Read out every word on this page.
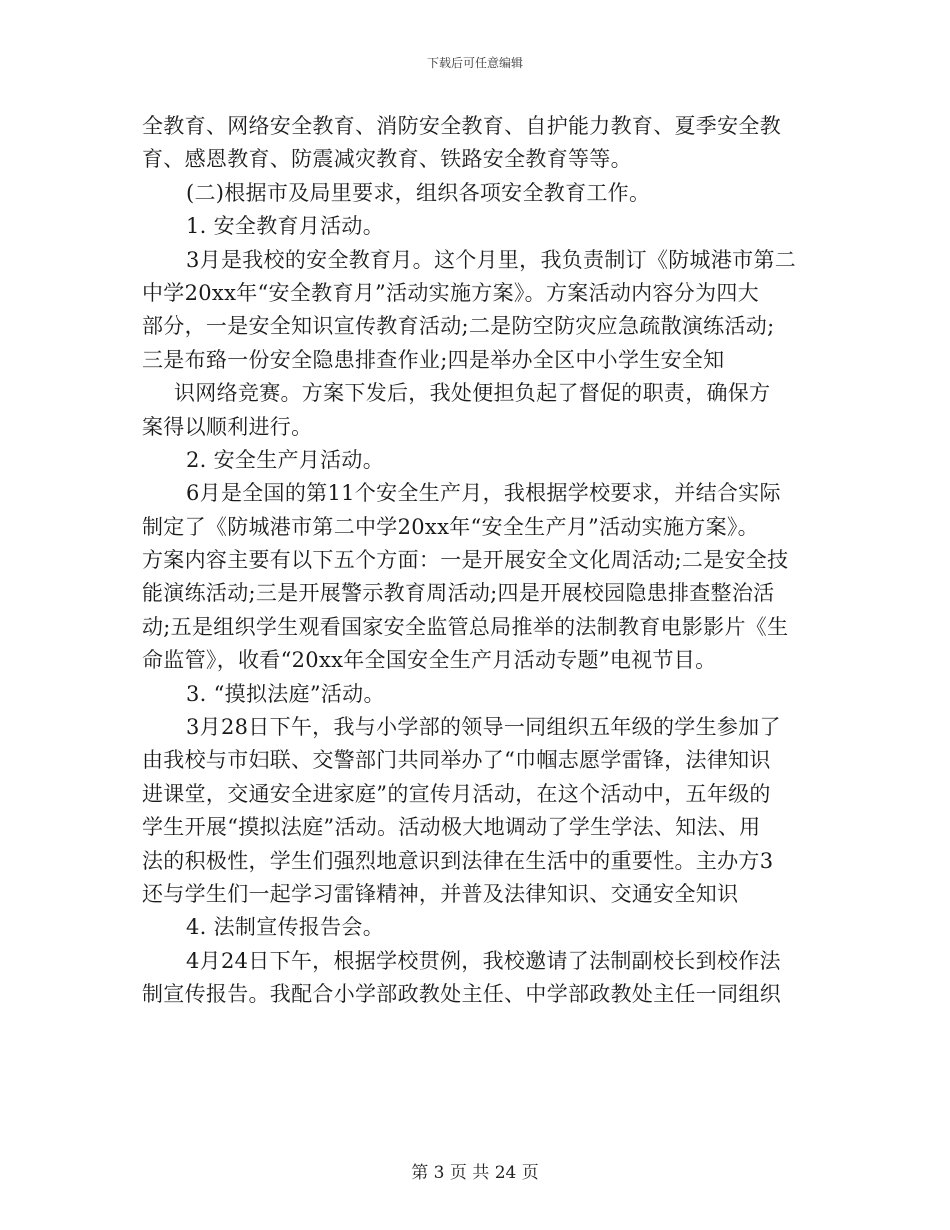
下载后可任意编辑
全教育、网络安全教育、消防安全教育、自护能力教育、夏季安全教
育、感恩教育、防震减灾教育、铁路安全教育等等。
(二)根据市及局里要求，组织各项安全教育工作。
1. 安全教育月活动。
3月是我校的安全教育月。这个月里，我负责制订《防城港市第二
中学20xx年“安全教育月”活动实施方案》。方案活动内容分为四大
部分，一是安全知识宣传教育活动;二是防空防灾应急疏散演练活动;
三是布臵一份安全隐患排查作业;四是举办全区中小学生安全知
识网络竞赛。方案下发后，我处便担负起了督促的职责，确保方
案得以顺利进行。
2. 安全生产月活动。
6月是全国的第11个安全生产月，我根据学校要求，并结合实际
制定了《防城港市第二中学20xx年“安全生产月”活动实施方案》。
方案内容主要有以下五个方面：一是开展安全文化周活动;二是安全技
能演练活动;三是开展警示教育周活动;四是开展校园隐患排查整治活
动;五是组织学生观看国家安全监管总局推举的法制教育电影影片《生
命监管》，收看“20xx年全国安全生产月活动专题”电视节目。
3. “摸拟法庭”活动。
3月28日下午，我与小学部的领导一同组织五年级的学生参加了
由我校与市妇联、交警部门共同举办了“巾帼志愿学雷锋，法律知识
进课堂，交通安全进家庭”的宣传月活动，在这个活动中，五年级的
学生开展“摸拟法庭”活动。活动极大地调动了学生学法、知法、用
法的积极性，学生们强烈地意识到法律在生活中的重要性。主办方3
还与学生们一起学习雷锋精神，并普及法律知识、交通安全知识
4. 法制宣传报告会。
4月24日下午，根据学校贯例，我校邀请了法制副校长到校作法
制宣传报告。我配合小学部政教处主任、中学部政教处主任一同组织
第 3 页 共 24 页
